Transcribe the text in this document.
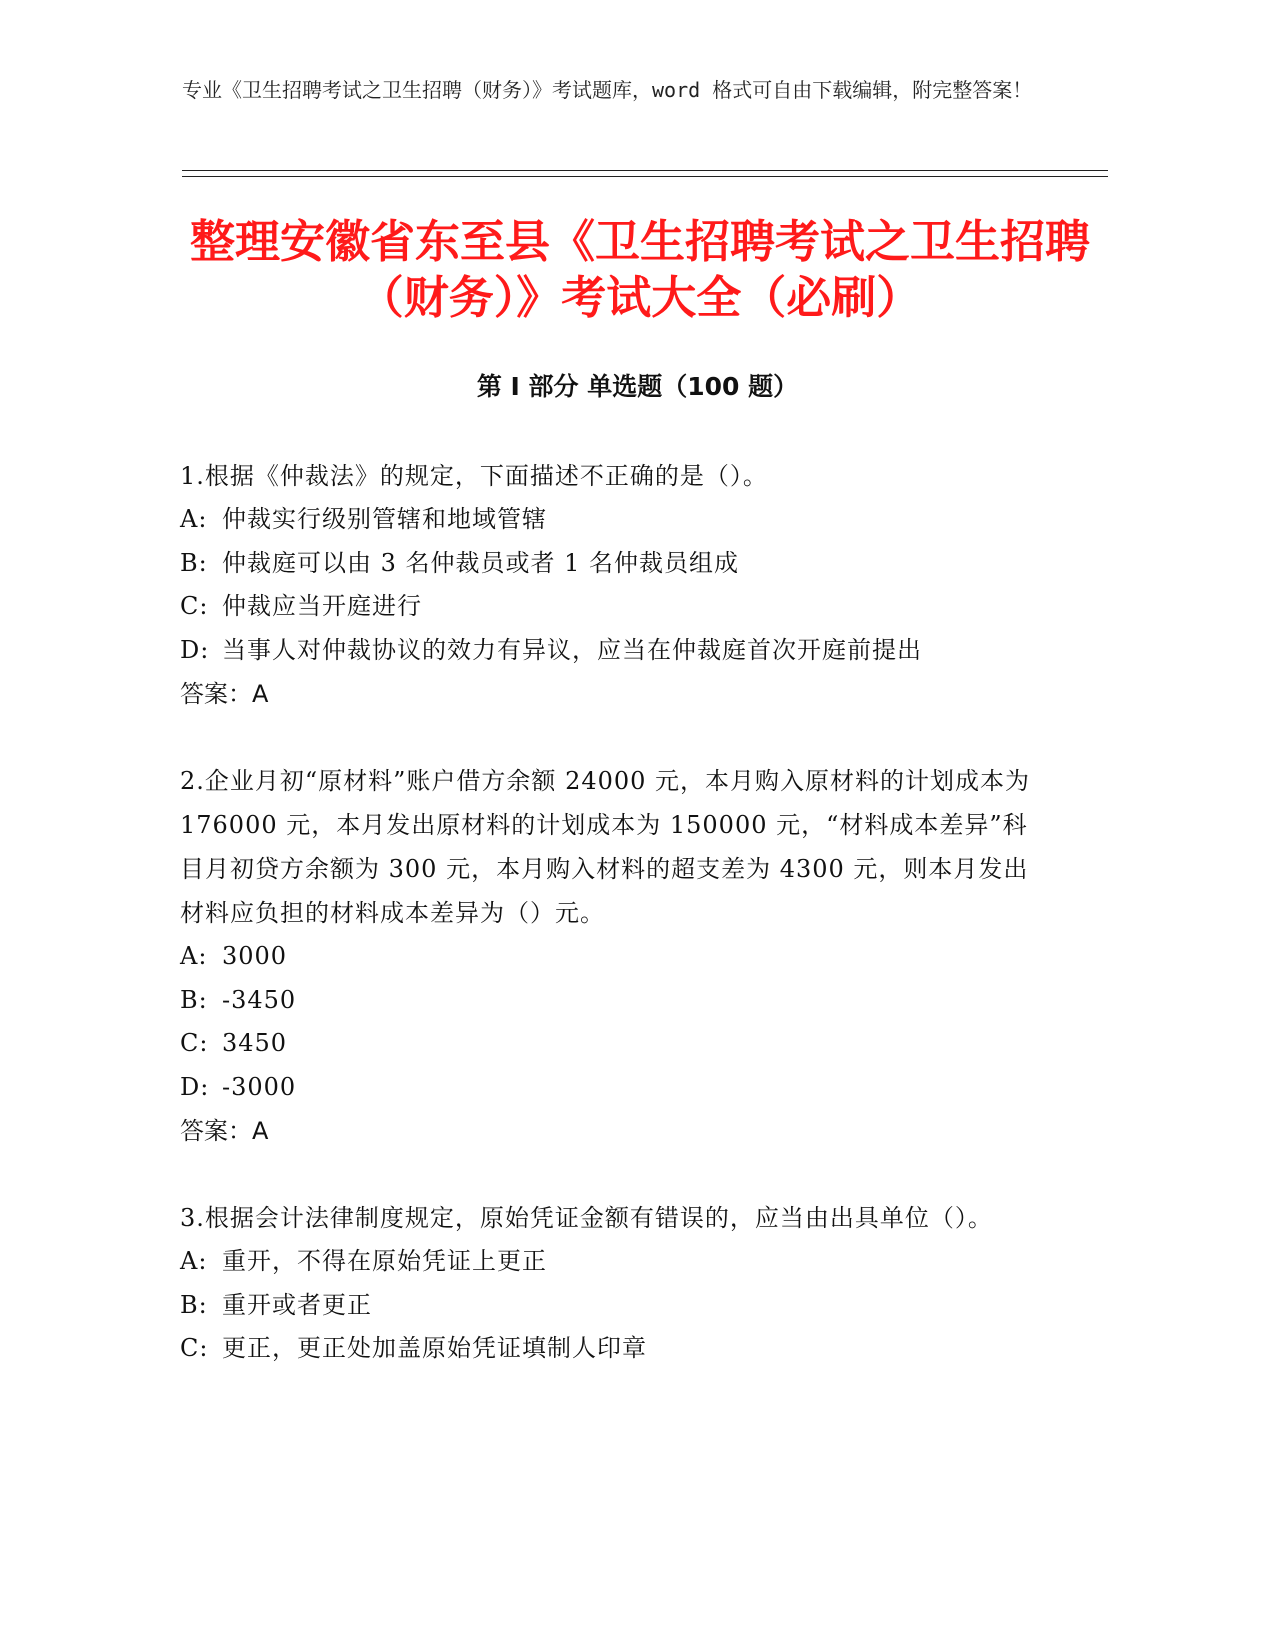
专业《卫生招聘考试之卫生招聘（财务）》考试题库，word 格式可自由下载编辑，附完整答案！

整理安徽省东至县《卫生招聘考试之卫生招聘（财务）》考试大全（必刷）
第 I 部分 单选题（100 题）

1.根据《仲裁法》的规定，下面描述不正确的是（）。

A: 仲裁实行级别管辖和地域管辖

B: 仲裁庭可以由 3 名仲裁员或者 1 名仲裁员组成

C: 仲裁应当开庭进行

D: 当事人对仲裁协议的效力有异议，应当在仲裁庭首次开庭前提出

答案：A

2.企业月初“原材料”账户借方余额 24000 元，本月购入原材料的计划成本为 176000 元，本月发出原材料的计划成本为 150000 元，“材料成本差异”科目月初贷方余额为 300 元，本月购入材料的超支差为 4300 元，则本月发出材料应负担的材料成本差异为（）元。

A: 3000

B: -3450

C: 3450

D: -3000

答案：A

3.根据会计法律制度规定，原始凭证金额有错误的，应当由出具单位（）。

A: 重开，不得在原始凭证上更正

B: 重开或者更正

C: 更正，更正处加盖原始凭证填制人印章
